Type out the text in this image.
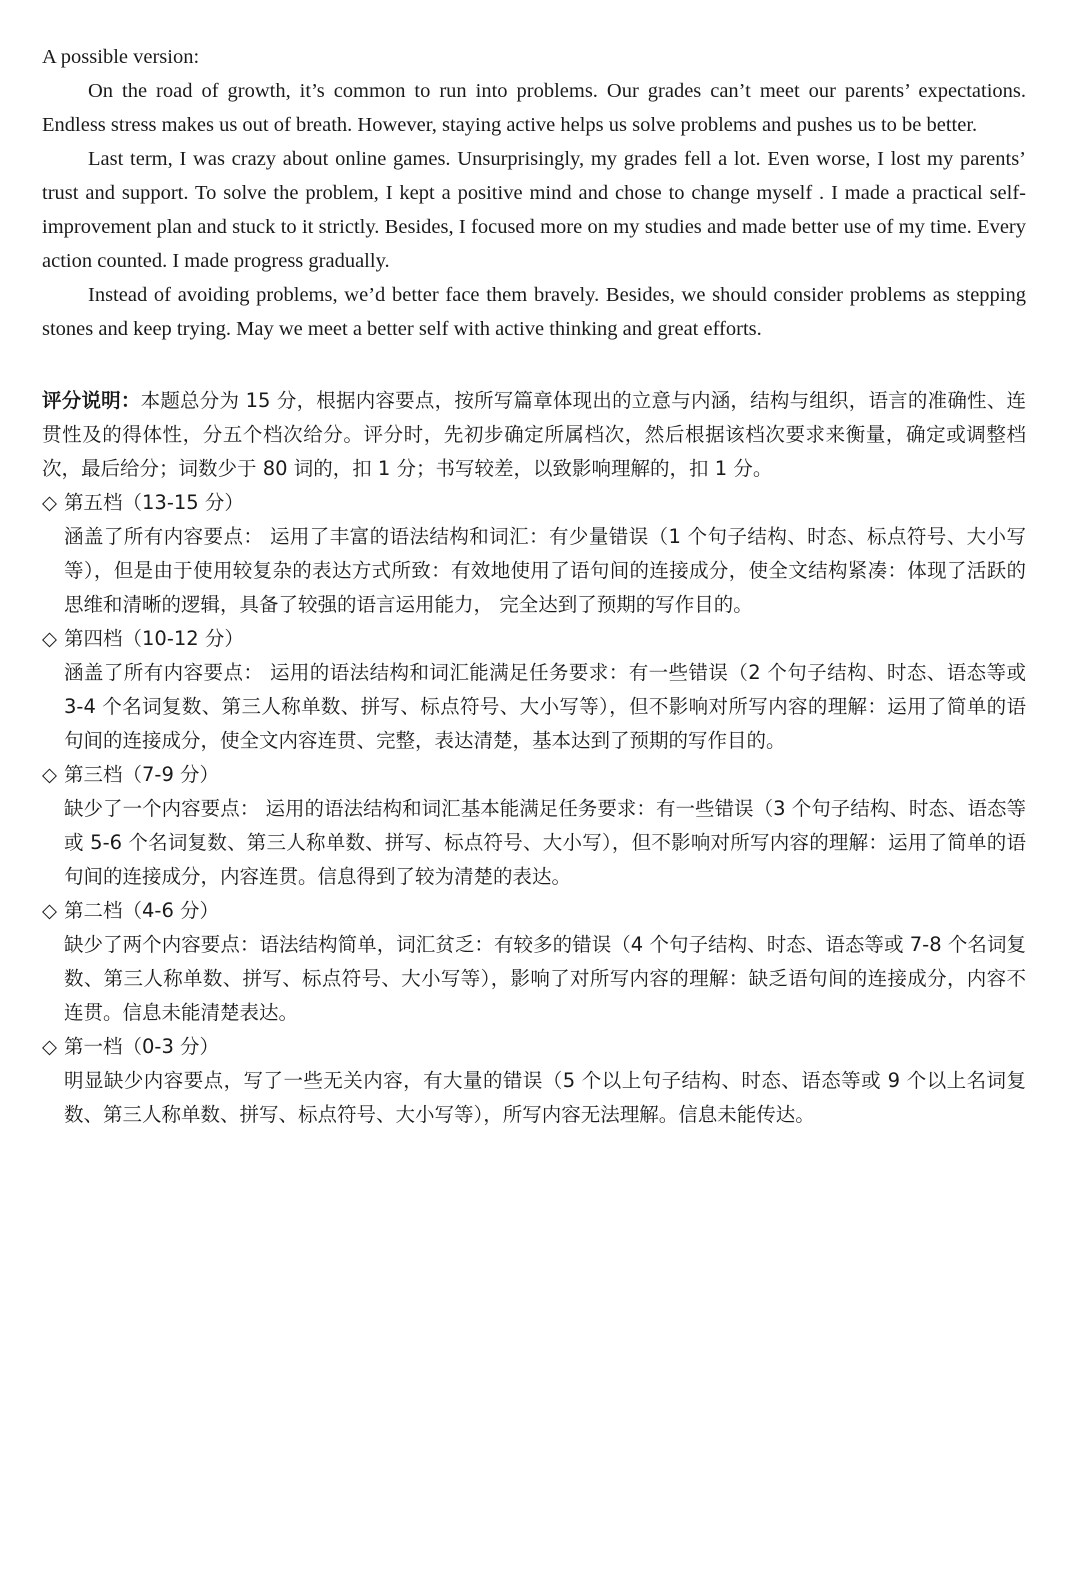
A possible version:

On the road of growth, it’s common to run into problems. Our grades can’t meet our parents’ expectations. Endless stress makes us out of breath. However, staying active helps us solve problems and pushes us to be better.

Last term, I was crazy about online games. Unsurprisingly, my grades fell a lot. Even worse, I lost my parents’ trust and support. To solve the problem, I kept a positive mind and chose to change myself . I made a practical self-improvement plan and stuck to it strictly. Besides, I focused more on my studies and made better use of my time. Every action counted. I made progress gradually.

Instead of avoiding problems, we’d better face them bravely. Besides, we should consider problems as stepping stones and keep trying. May we meet a better self with active thinking and great efforts.

评分说明：本题总分为 15 分，根据内容要点，按所写篇章体现出的立意与内涵，结构与组织，语言的准确性、连贯性及的得体性，分五个档次给分。评分时，先初步确定所属档次，然后根据该档次要求来衡量，确定或调整档次，最后给分；词数少于 80 词的，扣 1 分；书写较差，以致影响理解的，扣 1 分。

◇ 第五档（13-15 分）

涵盖了所有内容要点： 运用了丰富的语法结构和词汇：有少量错误（1 个句子结构、时态、标点符号、大小写等），但是由于使用较复杂的表达方式所致：有效地使用了语句间的连接成分，使全文结构紧凑：体现了活跃的思维和清晰的逻辑，具备了较强的语言运用能力， 完全达到了预期的写作目的。

◇ 第四档（10-12 分）

涵盖了所有内容要点： 运用的语法结构和词汇能满足任务要求：有一些错误（2 个句子结构、时态、语态等或 3-4 个名词复数、第三人称单数、拼写、标点符号、大小写等），但不影响对所写内容的理解：运用了简单的语句间的连接成分，使全文内容连贯、完整，表达清楚，基本达到了预期的写作目的。

◇ 第三档（7-9 分）

缺少了一个内容要点： 运用的语法结构和词汇基本能满足任务要求：有一些错误（3 个句子结构、时态、语态等或 5-6 个名词复数、第三人称单数、拼写、标点符号、大小写），但不影响对所写内容的理解：运用了简单的语句间的连接成分，内容连贯。信息得到了较为清楚的表达。

◇ 第二档（4-6 分）

缺少了两个内容要点：语法结构简单，词汇贫乏：有较多的错误（4 个句子结构、时态、语态等或 7-8 个名词复数、第三人称单数、拼写、标点符号、大小写等），影响了对所写内容的理解：缺乏语句间的连接成分，内容不连贯。信息未能清楚表达。

◇ 第一档（0-3 分）

明显缺少内容要点，写了一些无关内容，有大量的错误（5 个以上句子结构、时态、语态等或 9 个以上名词复数、第三人称单数、拼写、标点符号、大小写等），所写内容无法理解。信息未能传达。
